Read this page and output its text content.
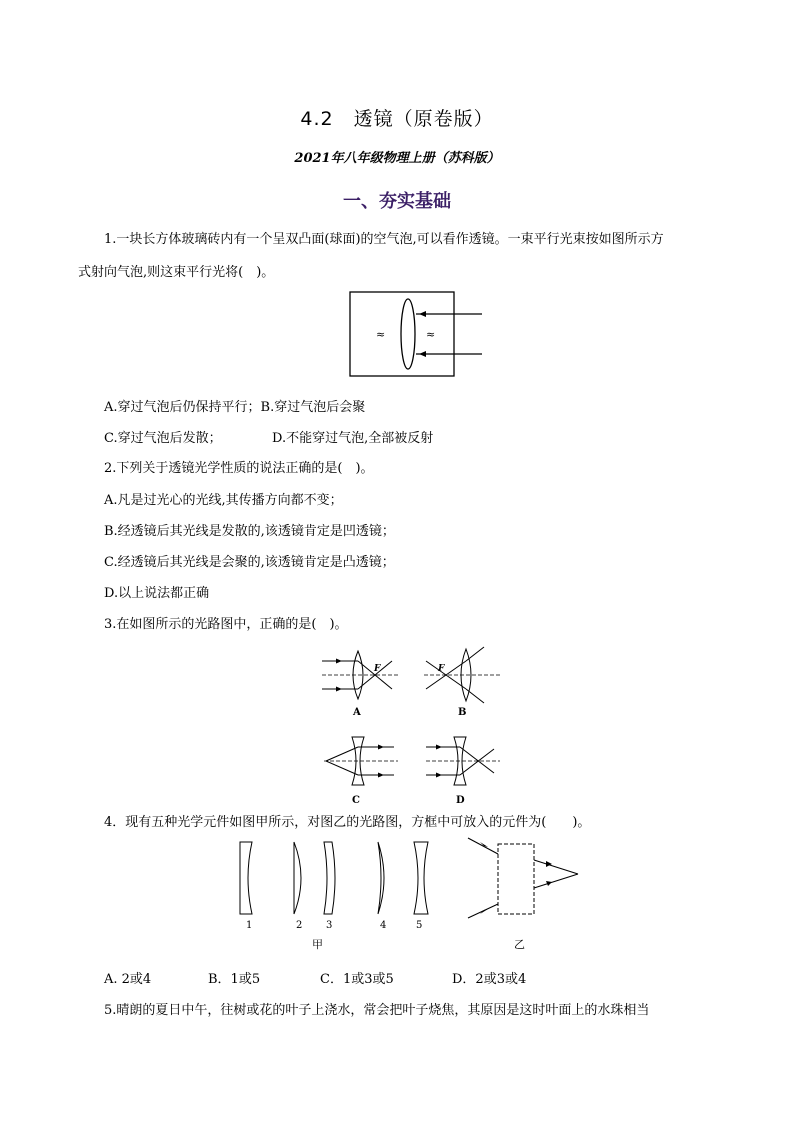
4.2　透镜（原卷版）
2021年八年级物理上册（苏科版）
一、夯实基础
1.一块长方体玻璃砖内有一个呈双凸面(球面)的空气泡,可以看作透镜。一束平行光束按如图所示方
式射向气泡,则这束平行光将(　)。
≈	≈
A.穿过气泡后仍保持平行；B.穿过气泡后会聚
C.穿过气泡后发散；	D.不能穿过气泡,全部被反射
2.下列关于透镜光学性质的说法正确的是(　)。
A.凡是过光心的光线,其传播方向都不变；
B.经透镜后其光线是发散的,该透镜肯定是凹透镜；
C.经透镜后其光线是会聚的,该透镜肯定是凸透镜；
D.以上说法都正确
3.在如图所示的光路图中，正确的是(　)。
F
A
F
B
C	D
4．现有五种光学元件如图甲所示，对图乙的光路图，方框中可放入的元件为(　　)。
1	2 3	4	5
甲	乙
A. 2或4	B．1或5	C．1或3或5	D．2或3或4
5.晴朗的夏日中午，往树或花的叶子上浇水，常会把叶子烧焦，其原因是这时叶面上的水珠相当
